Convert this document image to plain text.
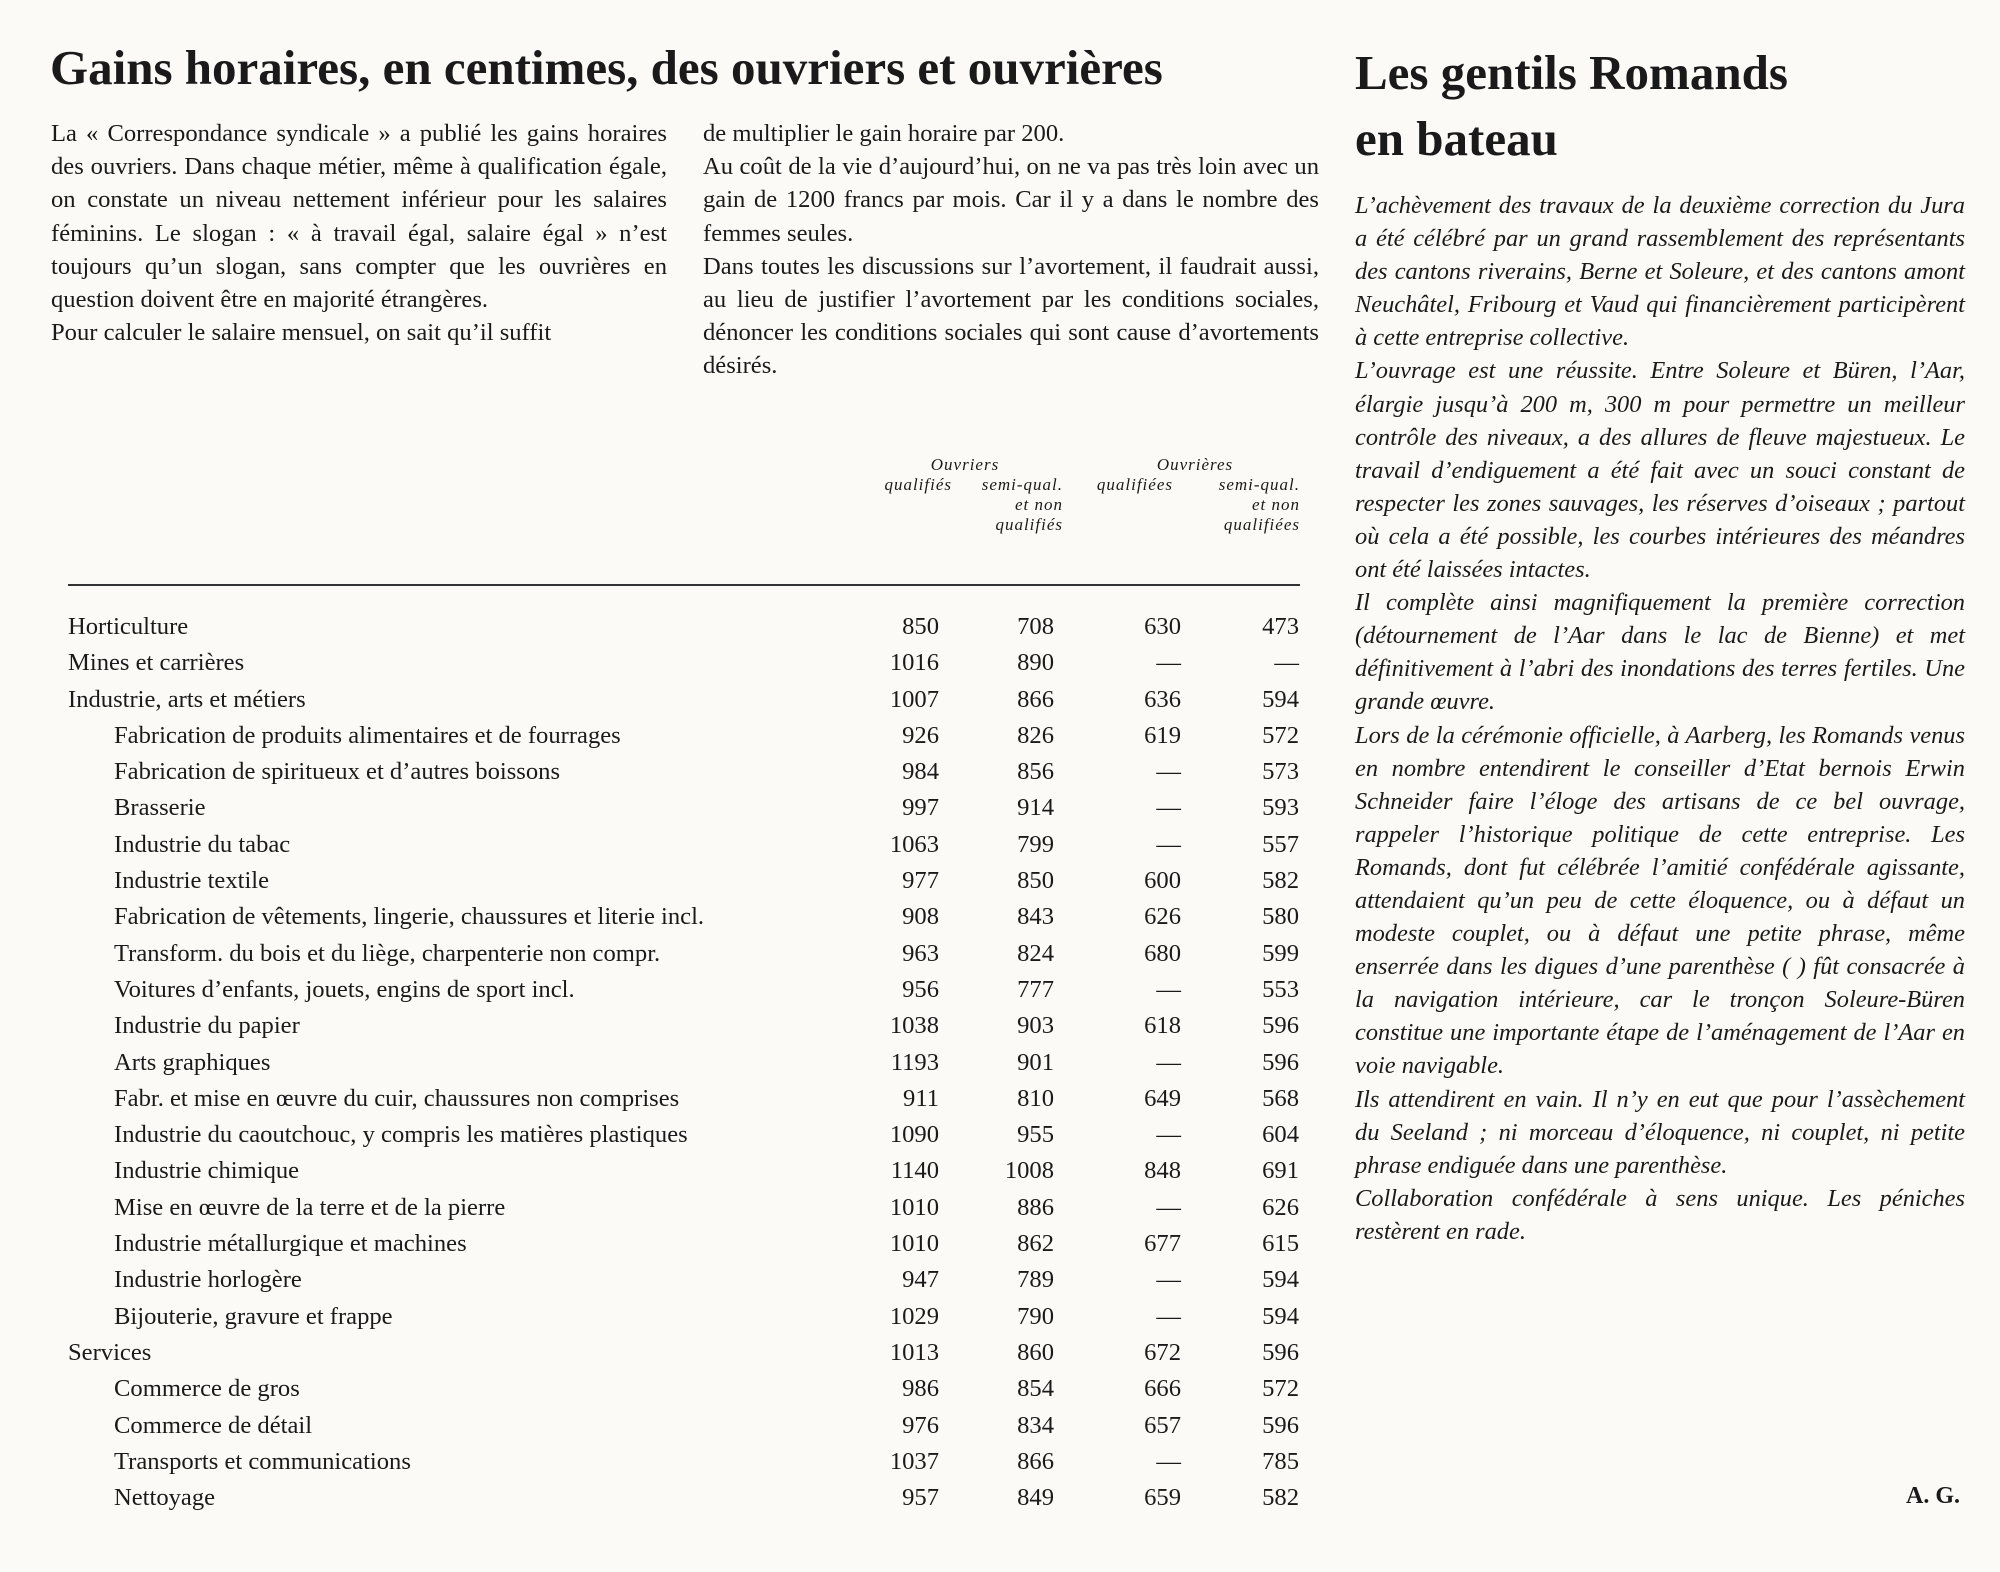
Gains horaires, en centimes, des ouvriers et ouvrières

La « Correspondance syndicale » a publié les gains horaires des ouvriers. Dans chaque métier, même à qualification égale, on constate un niveau nettement inférieur pour les salaires féminins. Le slogan : « à travail égal, salaire égal » n’est toujours qu’un slogan, sans compter que les ouvrières en question doivent être en majorité étrangères.

Pour calculer le salaire mensuel, on sait qu’il suffit

de multiplier le gain horaire par 200.

Au coût de la vie d’aujourd’hui, on ne va pas très loin avec un gain de 1200 francs par mois. Car il y a dans le nombre des femmes seules.

Dans toutes les discussions sur l’avortement, il faudrait aussi, au lieu de justifier l’avortement par les conditions sociales, dénoncer les conditions sociales qui sont cause d’avortements désirés.

Ouvriers	Ouvrières
qualifiés	semi-qual.
et non
qualifiés
qualifiées	semi-qual.
et non
qualifiées
Horticulture	850	708	630	473
Mines et carrières	1016	890	—	—
Industrie, arts et métiers	1007	866	636	594
Fabrication de produits alimentaires et de fourrages	926	826	619	572
Fabrication de spiritueux et d’autres boissons	984	856	—	573
Brasserie	997	914	—	593
Industrie du tabac	1063	799	—	557
Industrie textile	977	850	600	582
Fabrication de vêtements, lingerie, chaussures et literie incl.	908	843	626	580
Transform. du bois et du liège, charpenterie non compr.	963	824	680	599
Voitures d’enfants, jouets, engins de sport incl.	956	777	—	553
Industrie du papier	1038	903	618	596
Arts graphiques	1193	901	—	596
Fabr. et mise en œuvre du cuir, chaussures non comprises	911	810	649	568
Industrie du caoutchouc, y compris les matières plastiques	1090	955	—	604
Industrie chimique	1140	1008	848	691
Mise en œuvre de la terre et de la pierre	1010	886	—	626
Industrie métallurgique et machines	1010	862	677	615
Industrie horlogère	947	789	—	594
Bijouterie, gravure et frappe	1029	790	—	594
Services	1013	860	672	596
Commerce de gros	986	854	666	572
Commerce de détail	976	834	657	596
Transports et communications	1037	866	—	785
Nettoyage	957	849	659	582
Les gentils Romands
en bateau

L’achèvement des travaux de la deuxième correction du Jura a été célébré par un grand rassemblement des représentants des cantons riverains, Berne et Soleure, et des cantons amont Neuchâtel, Fribourg et Vaud qui financièrement participèrent à cette entreprise collective.

L’ouvrage est une réussite. Entre Soleure et Büren, l’Aar, élargie jusqu’à 200 m, 300 m pour permettre un meilleur contrôle des niveaux, a des allures de fleuve majestueux. Le travail d’endiguement a été fait avec un souci constant de respecter les zones sauvages, les réserves d’oiseaux ; partout où cela a été possible, les courbes intérieures des méandres ont été laissées intactes.

Il complète ainsi magnifiquement la première correction (détournement de l’Aar dans le lac de Bienne) et met définitivement à l’abri des inondations des terres fertiles. Une grande œuvre.

Lors de la cérémonie officielle, à Aarberg, les Romands venus en nombre entendirent le conseiller d’Etat bernois Erwin Schneider faire l’éloge des artisans de ce bel ouvrage, rappeler l’historique politique de cette entreprise. Les Romands, dont fut célébrée l’amitié confédérale agissante, attendaient qu’un peu de cette éloquence, ou à défaut un modeste couplet, ou à défaut une petite phrase, même enserrée dans les digues d’une parenthèse ( ) fût consacrée à la navigation intérieure, car le tronçon Soleure-Büren constitue une importante étape de l’aménagement de l’Aar en voie navigable.

Ils attendirent en vain. Il n’y en eut que pour l’assèchement du Seeland ; ni morceau d’éloquence, ni couplet, ni petite phrase endiguée dans une parenthèse.

Collaboration confédérale à sens unique. Les péniches restèrent en rade.

A. G.
